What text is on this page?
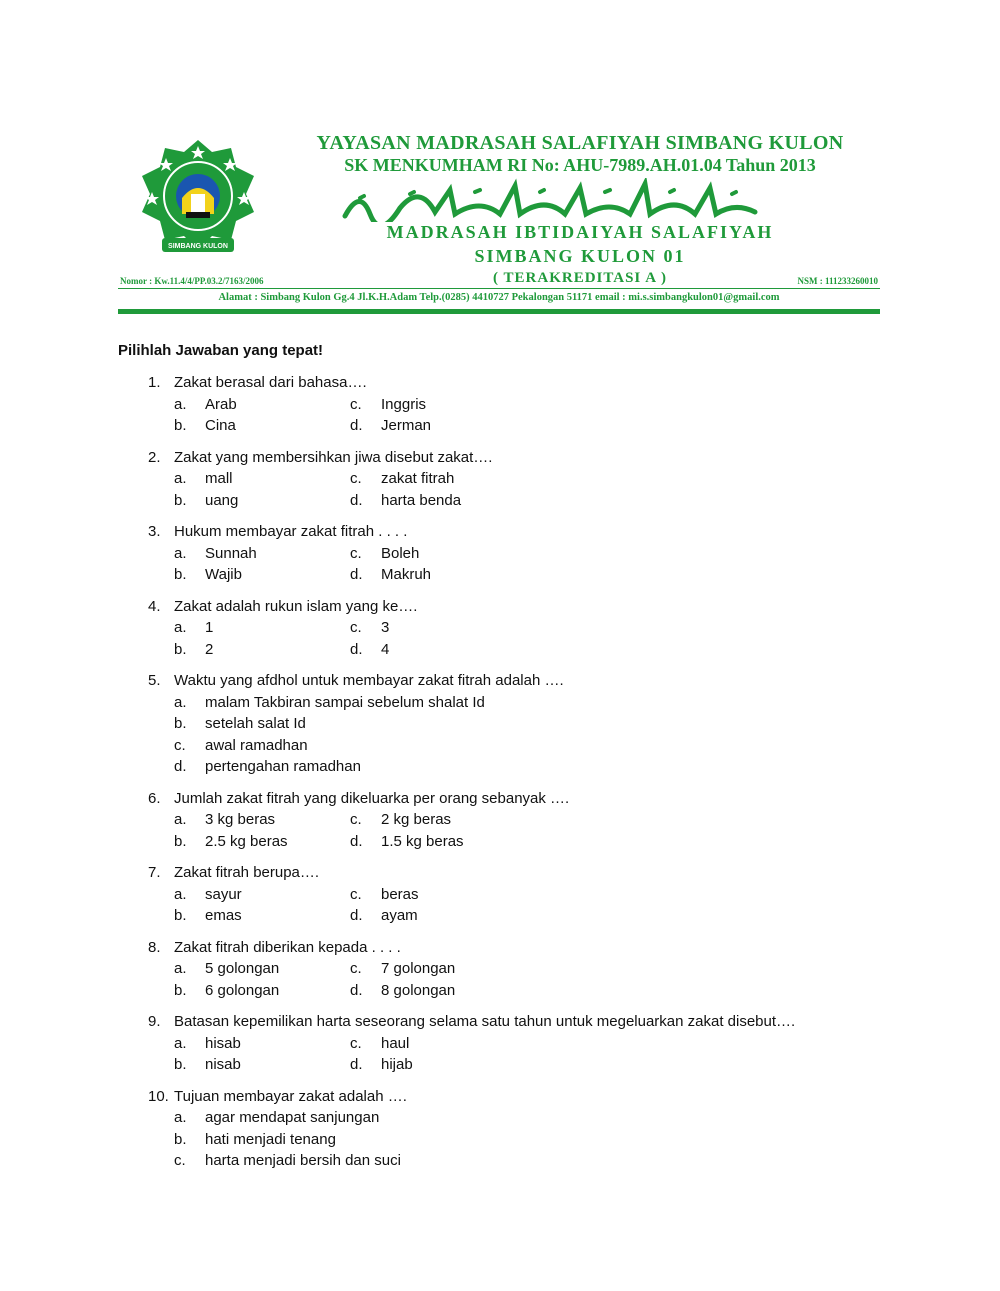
SIMBANG KULON
YAYASAN MADRASAH SALAFIYAH SIMBANG KULON
SK MENKUMHAM RI No: AHU-7989.AH.01.04 Tahun 2013
MADRASAH IBTIDAIYAH SALAFIYAH
SIMBANG KULON 01
( TERAKREDITASI A )
Nomor : Kw.11.4/4/PP.03.2/7163/2006	NSM : 111233260010
Alamat : Simbang Kulon Gg.4 Jl.K.H.Adam Telp.(0285) 4410727 Pekalongan 51171 email : mi.s.simbangkulon01@gmail.com
Pilihlah Jawaban yang tepat!
1. Zakat berasal dari bahasa….
a.	Arab	c.	Inggris
b.	Cina	d.	Jerman
2. Zakat yang membersihkan jiwa disebut zakat….
a.	mall	c.	zakat fitrah
b.	uang	d.	harta benda
3. Hukum membayar zakat fitrah . . . .
a.	Sunnah	c.	Boleh
b.	Wajib	d.	Makruh
4. Zakat adalah rukun islam yang ke….
a.	1	c.	3
b.	2	d.	4
5. Waktu yang afdhol untuk membayar zakat fitrah adalah ….
a.	malam Takbiran sampai sebelum shalat Id
b.	setelah salat Id
c.	awal ramadhan
d.	pertengahan ramadhan
6. Jumlah zakat fitrah yang dikeluarka per orang sebanyak ….
a.	3 kg beras	c.	2 kg beras
b.	2.5 kg beras	d.	1.5 kg beras
7. Zakat fitrah berupa….
a.	sayur	c.	beras
b.	emas	d.	ayam
8. Zakat fitrah diberikan kepada . . . .
a.	5 golongan	c.	7 golongan
b.	6 golongan	d.	8 golongan
9. Batasan kepemilikan harta seseorang selama satu tahun untuk megeluarkan zakat disebut….
a.	hisab	c.	haul
b.	nisab	d.	hijab
10. Tujuan membayar zakat adalah ….
a.	agar mendapat sanjungan
b.	hati menjadi tenang
c.	harta menjadi bersih dan suci
